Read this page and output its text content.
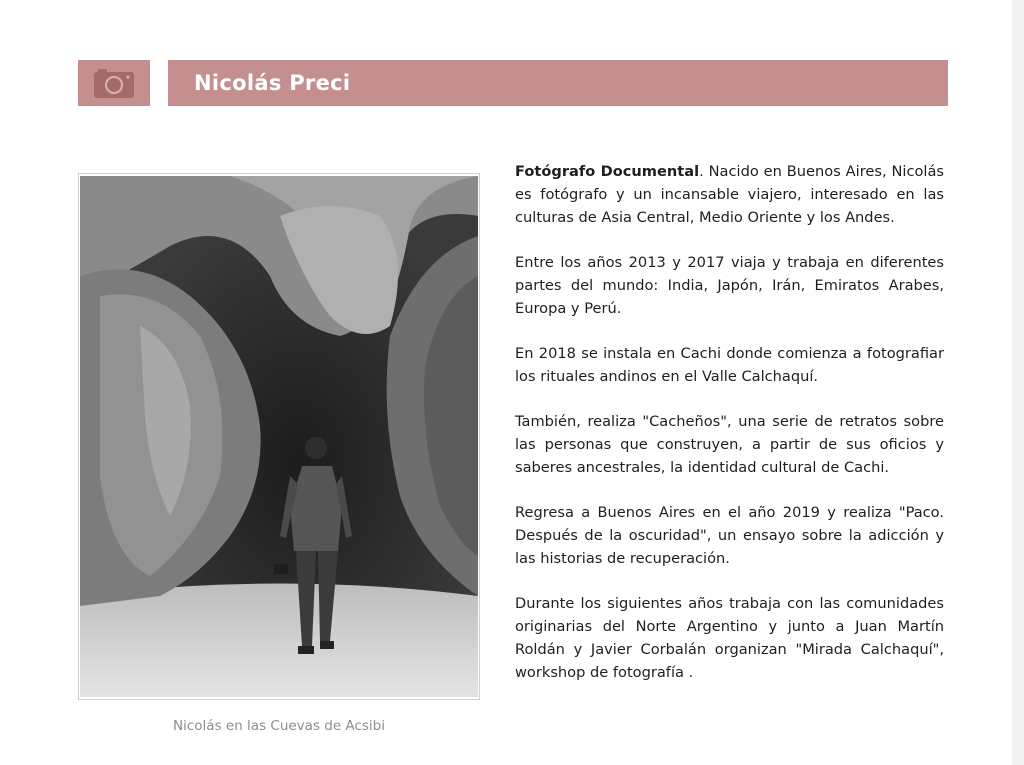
Nicolás Preci
Nicolás en las Cuevas de Acsibi

Fotógrafo Documental. Nacido en Buenos Aires, Nicolás es fotógrafo y un incansable viajero, interesado en las culturas de Asia Central, Medio Oriente y los Andes.

Entre los años 2013 y 2017 viaja y trabaja en diferentes partes del mundo: India, Japón, Irán, Emiratos Arabes, Europa y Perú.

En 2018 se instala en Cachi donde comienza a fotografiar los rituales andinos en el Valle Calchaquí.

También, realiza "Cacheños", una serie de retratos sobre las personas que construyen, a partir de sus oficios y saberes ancestrales, la identidad cultural de Cachi.

Regresa a Buenos Aires en el año 2019 y realiza "Paco. Después de la oscuridad", un ensayo sobre la adicción y las historias de recuperación.

Durante los siguientes años trabaja con las comunidades originarias del Norte Argentino y junto a Juan Martín Roldán y Javier Corbalán organizan "Mirada Calchaquí", workshop de fotografía .
